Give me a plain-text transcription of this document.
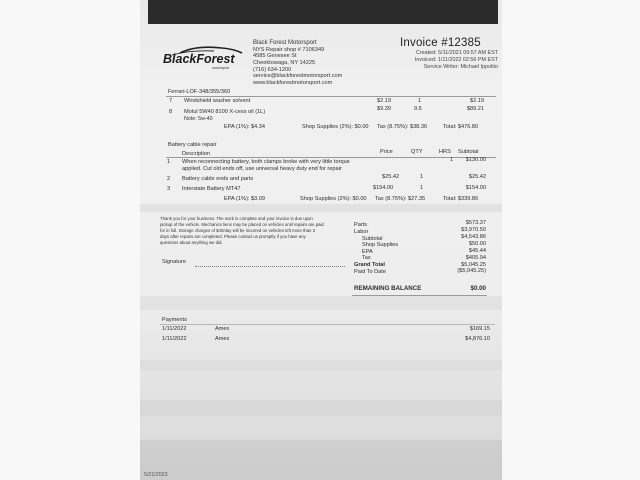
BlackForest
motorsport
Black Forest Motorsport
NYS Repair shop # 7106349
4585 Genesee St
Cheektowaga, NY 14225
(716) 634-1200
service@blackforestmotorsport.com
www.blackforestmotorsport.com
Invoice #12385
Created: 5/11/2021 09:57 AM EST
Invoiced: 1/11/2022 02:56 PM EST
Service Writer: Michael Ippolito
Ferrari-LOF-348/355/360
7 Windshield washer solvent	$2.19	1	$2.19
8 Motul 5W40 8100 X-cess oil (1L)	$9.39	9.5	$89.21
Note: 5w-40
EPA (1%): $4.34	Shop Supplies (2%): $0.00 Tax (8.75%): $38.36	Total: $476.80
Battery cable repair
Description	Price	QTY	HRS Subtotal
1 When reconnecting battery, both clamps broke with very little torque
applied. Cut old ends off, use universal heavy duty end for repair
1	$130.00
2 Battery cable ends and parts	$25.42	1	$25.42
3 Interstate Battery MT47	$154.00	1	$154.00
EPA (1%): $3.09	Shop Supplies (2%): $0.00 Tax (8.75%): $27.35	Total: $339.86
Thank you for your business. The work is complete and your invoice is due upon
pickup of the vehicle. Mechanics liens may be placed on vehicles until repairs are paid
for in full. Storage charges of $40/day will be incurred on vehicles left more than 3
days after repairs are completed. Please contact us promptly if you have any
questions about anything we did.
Signature
Parts	$573.37
Labor	$3,970.50
Subtotal	$4,543.86
Shop Supplies	$50.00
EPA	$45.44
Tax	$405.94
Grand Total	$5,045.25
Paid To Date	($5,045.25)
REMAINING BALANCE	$0.00
Payments
1/11/2022	Amex	$169.15
1/11/2022	Amex	$4,876.10
5/21/2023
